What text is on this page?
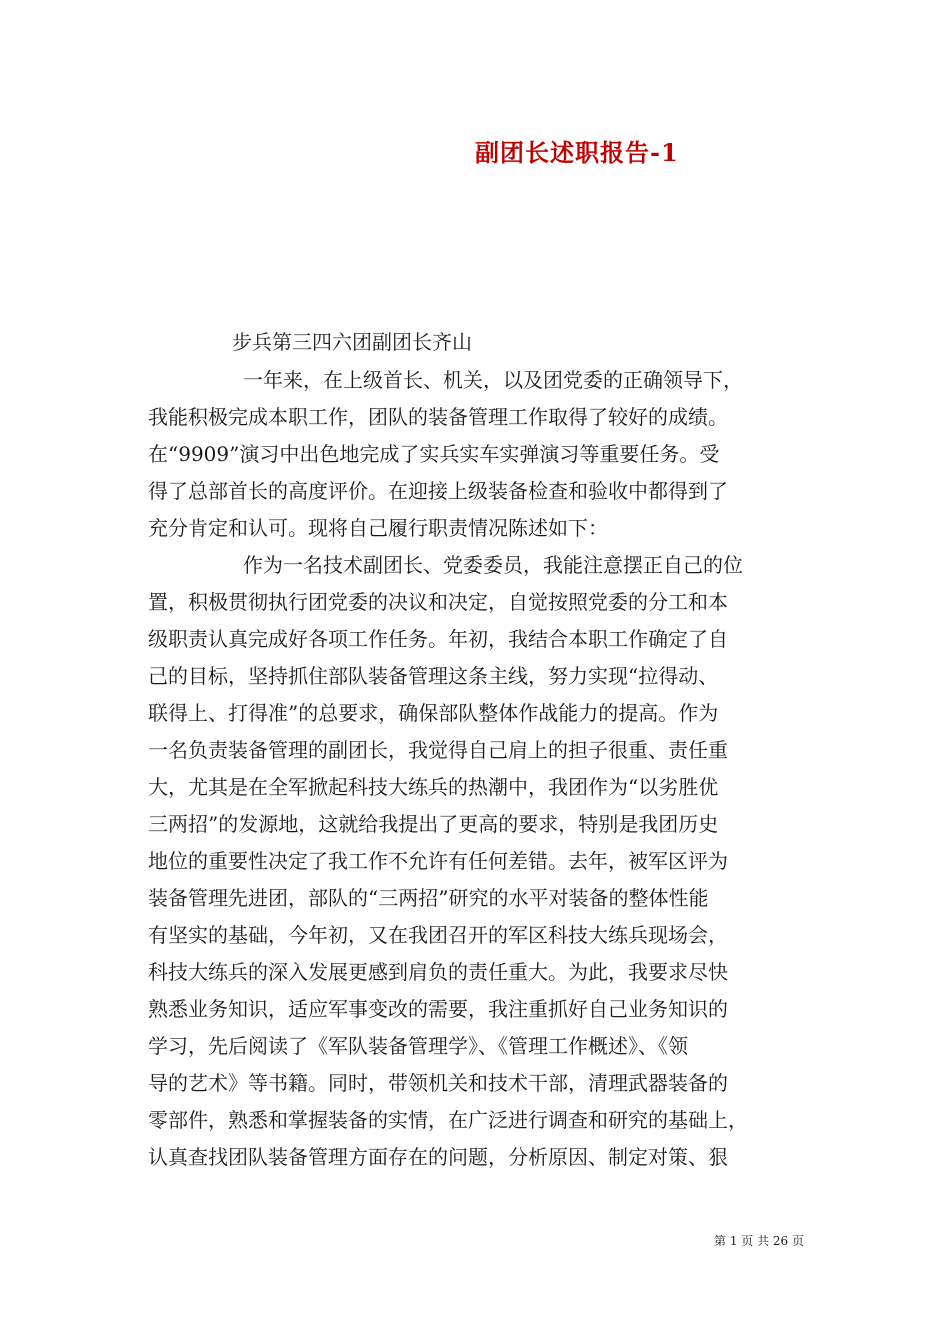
副团长述职报告-1
步兵第三四六团副团长齐山
一年来，在上级首长、机关，以及团党委的正确领导下，
我能积极完成本职工作，团队的装备管理工作取得了较好的成绩。
在“9909”演习中出色地完成了实兵实车实弹演习等重要任务。受
得了总部首长的高度评价。在迎接上级装备检查和验收中都得到了
充分肯定和认可。现将自己履行职责情况陈述如下：
作为一名技术副团长、党委委员，我能注意摆正自己的位
置，积极贯彻执行团党委的决议和决定，自觉按照党委的分工和本
级职责认真完成好各项工作任务。年初，我结合本职工作确定了自
己的目标，坚持抓住部队装备管理这条主线，努力实现“拉得动、
联得上、打得准”的总要求，确保部队整体作战能力的提高。作为
一名负责装备管理的副团长，我觉得自己肩上的担子很重、责任重
大，尤其是在全军掀起科技大练兵的热潮中，我团作为“以劣胜优
三两招”的发源地，这就给我提出了更高的要求，特别是我团历史
地位的重要性决定了我工作不允许有任何差错。去年，被军区评为
装备管理先进团，部队的“三两招”研究的水平对装备的整体性能
有坚实的基础，今年初，又在我团召开的军区科技大练兵现场会，
科技大练兵的深入发展更感到肩负的责任重大。为此，我要求尽快
熟悉业务知识，适应军事变改的需要，我注重抓好自己业务知识的
学习，先后阅读了《军队装备管理学》、《管理工作概述》、《领
导的艺术》等书籍。同时，带领机关和技术干部，清理武器装备的
零部件，熟悉和掌握装备的实情，在广泛进行调查和研究的基础上，
认真查找团队装备管理方面存在的问题，分析原因、制定对策、狠
第 1 页 共 26 页
